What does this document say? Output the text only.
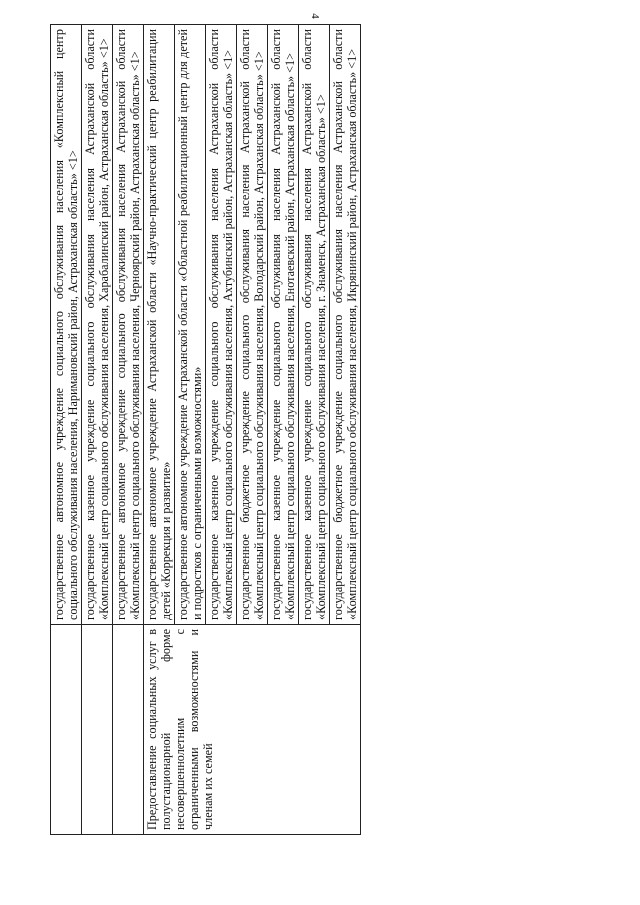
4
	государственное автономное учреждение социального обслуживания населения «Комплексный центр социального обслуживания населения, Наримановский район, Астраханская область» <1>
	государственное казенное учреждение социального обслуживания населения Астраханской области «Комплексный центр социального обслуживания населения, Харабалинский район, Астраханская область» <1>
	государственное автономное учреждение социального обслуживания населения Астраханской области «Комплексный центр социального обслуживания населения, Черноярский район, Астраханская область» <1>
Предоставление социальных услуг в полустационарной форме несовершеннолетним с ограниченными возможностями и членам их семей	государственное автономное учреждение Астраханской области «Научно-практический центр реабилитации детей «Коррекция и развитие»
	государственное автономное учреждение Астраханской области «Областной реабилитационный центр для детей и подростков с ограниченными возможностями»
	государственное казенное учреждение социального обслуживания населения Астраханской области «Комплексный центр социального обслуживания населения, Ахтубинский район, Астраханская область» <1>
	государственное бюджетное учреждение социального обслуживания населения Астраханской области «Комплексный центр социального обслуживания населения, Володарский район, Астраханская область» <1>
	государственное казенное учреждение социального обслуживания населения Астраханской области «Комплексный центр социального обслуживания населения, Енотаевский район, Астраханская область» <1>
	государственное казенное учреждение социального обслуживания населения Астраханской области «Комплексный центр социального обслуживания населения, г. Знаменск, Астраханская область» <1>
	государственное бюджетное учреждение социального обслуживания населения Астраханской области «Комплексный центр социального обслуживания населения, Икрянинский район, Астраханская область» <1>
